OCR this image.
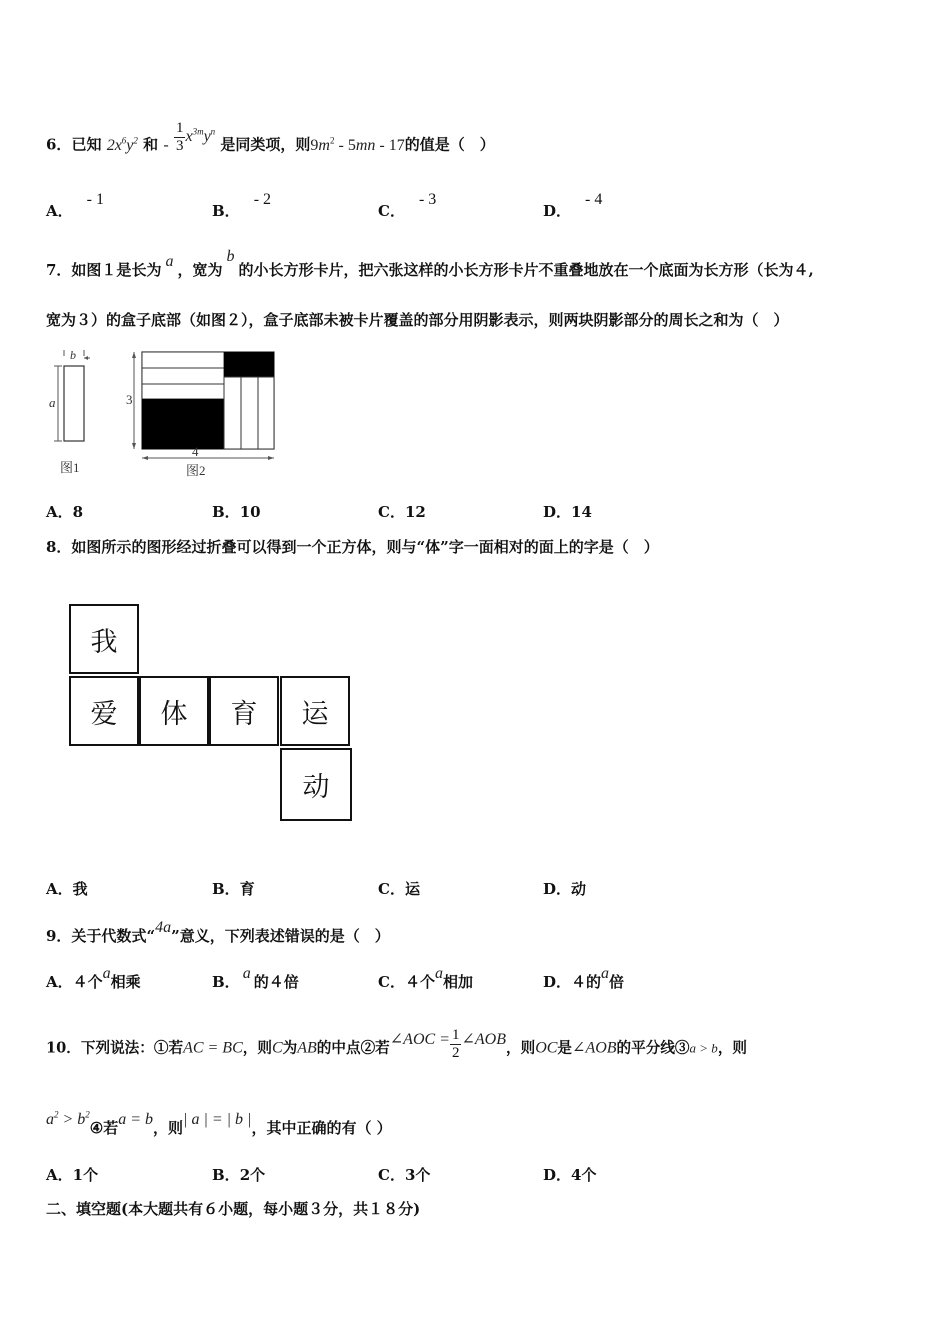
6．已知 $2x^6y^2$ 和 - $\frac{1}{3} x^{3m}y^n$ 是同类项，则$9m^2 - 5mn - 17$的值是（　）
A．- 1
B．- 2
C．- 3
D．- 4
7．如图１是长为 a ，宽为b的小长方形卡片，把六张这样的小长方形卡片不重叠地放在一个底面为长方形（长为４,
宽为３）的盒子底部（如图２），盒子底部未被卡片覆盖的部分用阴影表示，则两块阴影部分的周长之和为（　）
b
a
图1
3
4
图2
A．8	B．10	C．12	D．14
8．如图所示的图形经过折叠可以得到一个正方体，则与“体”字一面相对的面上的字是（　）
我
爱	体	育	运
动
A．我	B．育	C．运	D．动
9．关于代数式“4a”意义，下列表述错误的是（　）
A．４个a相乘	B． a 的４倍	C．４个a相加	D．４的a倍
10．下列说法：①若AC = BC，则C为AB的中点②若∠AOC = $\frac{1}{2}$ ∠AOB，则OC是∠AOB的平分线③a > b，则
$a^2$ > $b^2④$若a = b，则| a | = | b |，其中正确的有（ ）
A．1个	B．2个	C．3个	D．4个
二、填空题(本大题共有６小题，每小题３分，共１８分)
